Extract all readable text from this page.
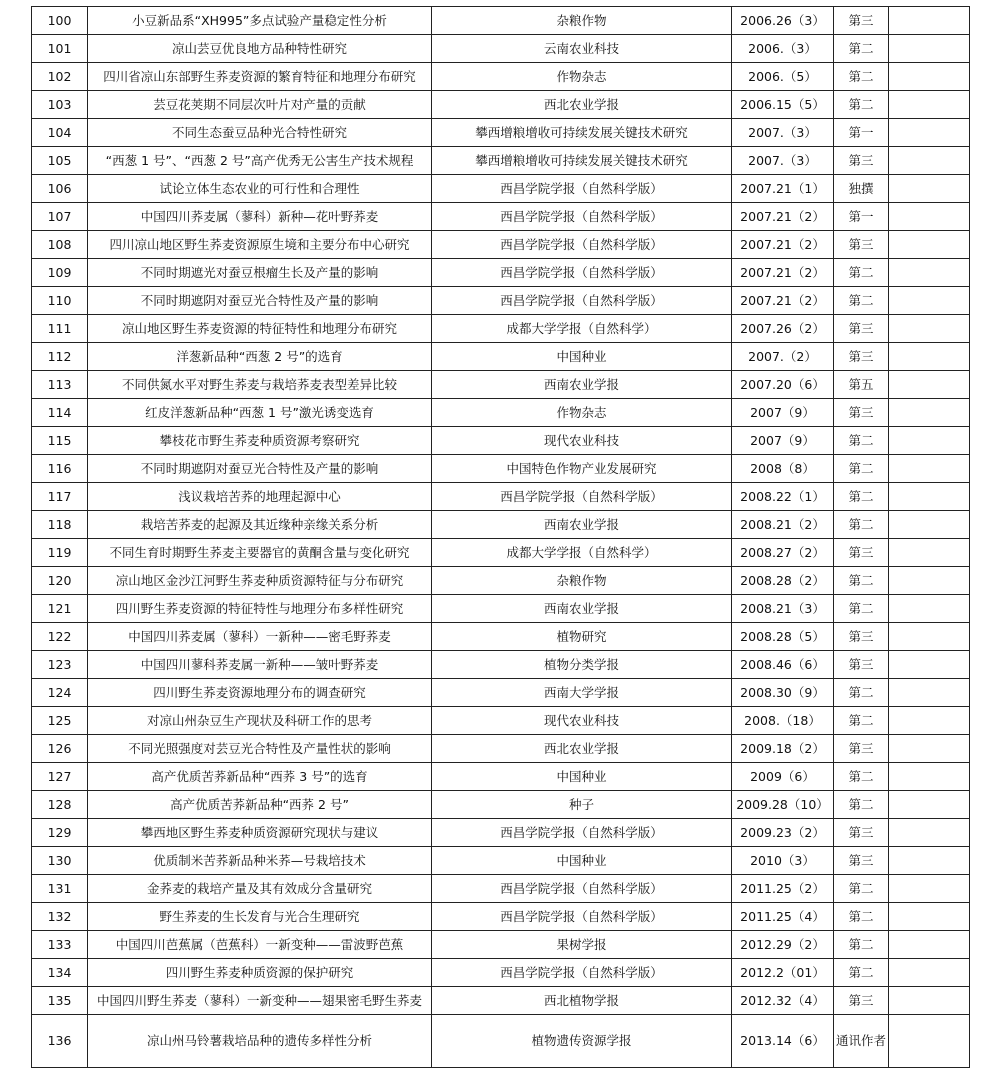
100	小豆新品系“XH995”多点试验产量稳定性分析	杂粮作物	2006.26（3）	第三	
101	凉山芸豆优良地方品种特性研究	云南农业科技	2006.（3）	第二	
102	四川省凉山东部野生荞麦资源的繁育特征和地理分布研究	作物杂志	2006.（5）	第二	
103	芸豆花荚期不同层次叶片对产量的贡献	西北农业学报	2006.15（5）	第二	
104	不同生态蚕豆品种光合特性研究	攀西增粮增收可持续发展关键技术研究	2007.（3）	第一	
105	“西葱 1 号”、“西葱 2 号”高产优秀无公害生产技术规程	攀西增粮增收可持续发展关键技术研究	2007.（3）	第三	
106	试论立体生态农业的可行性和合理性	西昌学院学报（自然科学版）	2007.21（1）	独撰	
107	中国四川荞麦属（蓼科）新种—花叶野荞麦	西昌学院学报（自然科学版）	2007.21（2）	第一	
108	四川凉山地区野生荞麦资源原生境和主要分布中心研究	西昌学院学报（自然科学版）	2007.21（2）	第三	
109	不同时期遮光对蚕豆根瘤生长及产量的影响	西昌学院学报（自然科学版）	2007.21（2）	第二	
110	不同时期遮阴对蚕豆光合特性及产量的影响	西昌学院学报（自然科学版）	2007.21（2）	第二	
111	凉山地区野生荞麦资源的特征特性和地理分布研究	成都大学学报（自然科学）	2007.26（2）	第三	
112	洋葱新品种“西葱 2 号”的选育	中国种业	2007.（2）	第三	
113	不同供氮水平对野生荞麦与栽培荞麦表型差异比较	西南农业学报	2007.20（6）	第五	
114	红皮洋葱新品种“西葱 1 号”激光诱变选育	作物杂志	2007（9）	第三	
115	攀枝花市野生荞麦种质资源考察研究	现代农业科技	2007（9）	第二	
116	不同时期遮阴对蚕豆光合特性及产量的影响	中国特色作物产业发展研究	2008（8）	第二	
117	浅议栽培苦荞的地理起源中心	西昌学院学报（自然科学版）	2008.22（1）	第二	
118	栽培苦荞麦的起源及其近缘种亲缘关系分析	西南农业学报	2008.21（2）	第二	
119	不同生育时期野生荞麦主要器官的黄酮含量与变化研究	成都大学学报（自然科学）	2008.27（2）	第三	
120	凉山地区金沙江河野生荞麦种质资源特征与分布研究	杂粮作物	2008.28（2）	第二	
121	四川野生荞麦资源的特征特性与地理分布多样性研究	西南农业学报	2008.21（3）	第二	
122	中国四川荞麦属（蓼科）一新种——密毛野荞麦	植物研究	2008.28（5）	第三	
123	中国四川蓼科荞麦属一新种——皱叶野荞麦	植物分类学报	2008.46（6）	第三	
124	四川野生荞麦资源地理分布的调查研究	西南大学学报	2008.30（9）	第二	
125	对凉山州杂豆生产现状及科研工作的思考	现代农业科技	2008.（18）	第二	
126	不同光照强度对芸豆光合特性及产量性状的影响	西北农业学报	2009.18（2）	第三	
127	高产优质苦荞新品种“西荞 3 号”的选育	中国种业	2009（6）	第二	
128	高产优质苦荞新品种“西荞 2 号”	种子	2009.28（10）	第二	
129	攀西地区野生荞麦种质资源研究现状与建议	西昌学院学报（自然科学版）	2009.23（2）	第三	
130	优质制米苦荞新品种米荞—号栽培技术	中国种业	2010（3）	第三	
131	金荞麦的栽培产量及其有效成分含量研究	西昌学院学报（自然科学版）	2011.25（2）	第二	
132	野生荞麦的生长发育与光合生理研究	西昌学院学报（自然科学版）	2011.25（4）	第二	
133	中国四川芭蕉属（芭蕉科）一新变种——雷波野芭蕉	果树学报	2012.29（2）	第二	
134	四川野生荞麦种质资源的保护研究	西昌学院学报（自然科学版）	2012.2（01）	第二	
135	中国四川野生荞麦（蓼科）一新变种——翅果密毛野生荞麦	西北植物学报	2012.32（4）	第三	
136	凉山州马铃薯栽培品种的遗传多样性分析	植物遗传资源学报	2013.14（6）	通讯作者	
